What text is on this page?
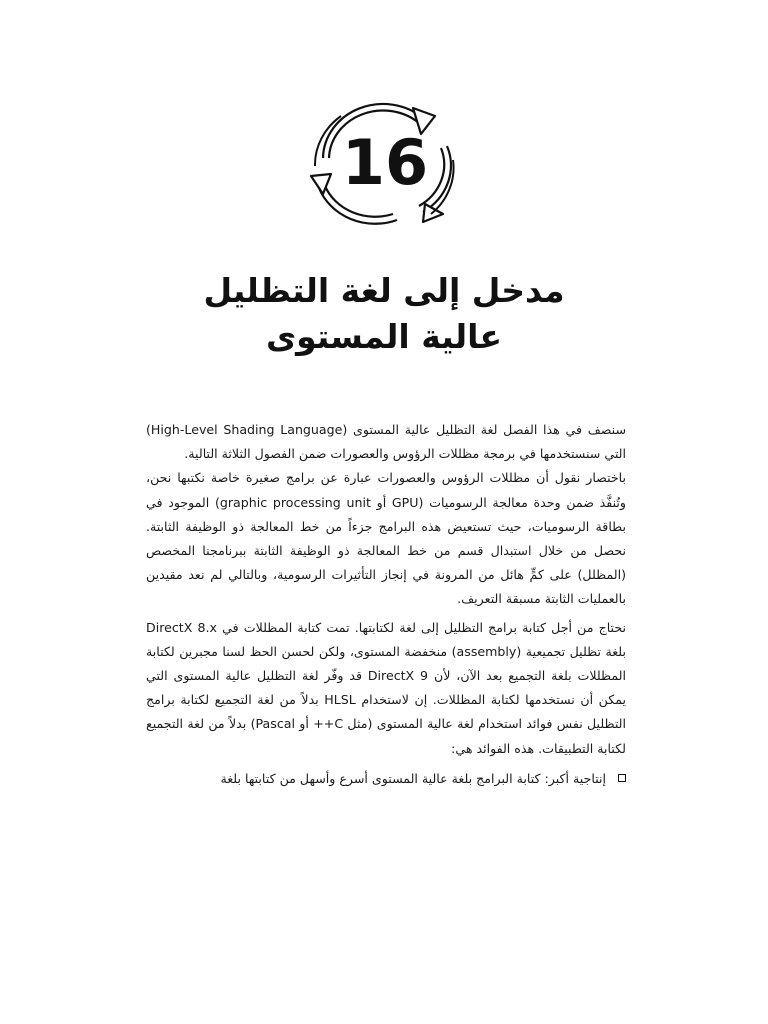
16
مدخل إلى لغة التظليل
عالية المستوى

سنصف في هذا الفصل لغة التظليل عالية المستوى (High-Level Shading Language) التي سنستخدمها في برمجة مظللات الرؤوس والعصورات ضمن الفصول الثلاثة التالية.

باختصار نقول أن مظللات الرؤوس والعصورات عبارة عن برامج صغيرة خاصة نكتبها نحن، وتُنفَّذ ضمن وحدة معالجة الرسوميات (GPU أو graphic processing unit) الموجود في بطاقة الرسوميات، حيث تستعيض هذه البرامج جزءاً من خط المعالجة ذو الوظيفة الثابتة. نحصل من خلال استبدال قسم من خط المعالجة ذو الوظيفة الثابتة ببرنامجنا المخصص (المظلل) على كمٍّ هائل من المرونة في إنجاز التأثيرات الرسومية، وبالتالي لم نعد مقيدين بالعمليات الثابتة مسبقة التعريف.

نحتاج من أجل كتابة برامج التظليل إلى لغة لكتابتها. تمت كتابة المظللات في DirectX 8.x بلغة تظليل تجميعية (assembly) منخفضة المستوى، ولكن لحسن الحظ لسنا مجبرين لكتابة المظللات بلغة التجميع بعد الآن، لأن DirectX 9 قد وفّر لغة التظليل عالية المستوى التي يمكن أن نستخدمها لكتابة المظللات. إن لاستخدام HLSL بدلاً من لغة التجميع لكتابة برامج التظليل نفس فوائد استخدام لغة عالية المستوى (مثل C++ أو Pascal) بدلاً من لغة التجميع لكتابة التطبيقات. هذه الفوائد هي:

إنتاجية أكبر: كتابة البرامج بلغة عالية المستوى أسرع وأسهل من كتابتها بلغة
